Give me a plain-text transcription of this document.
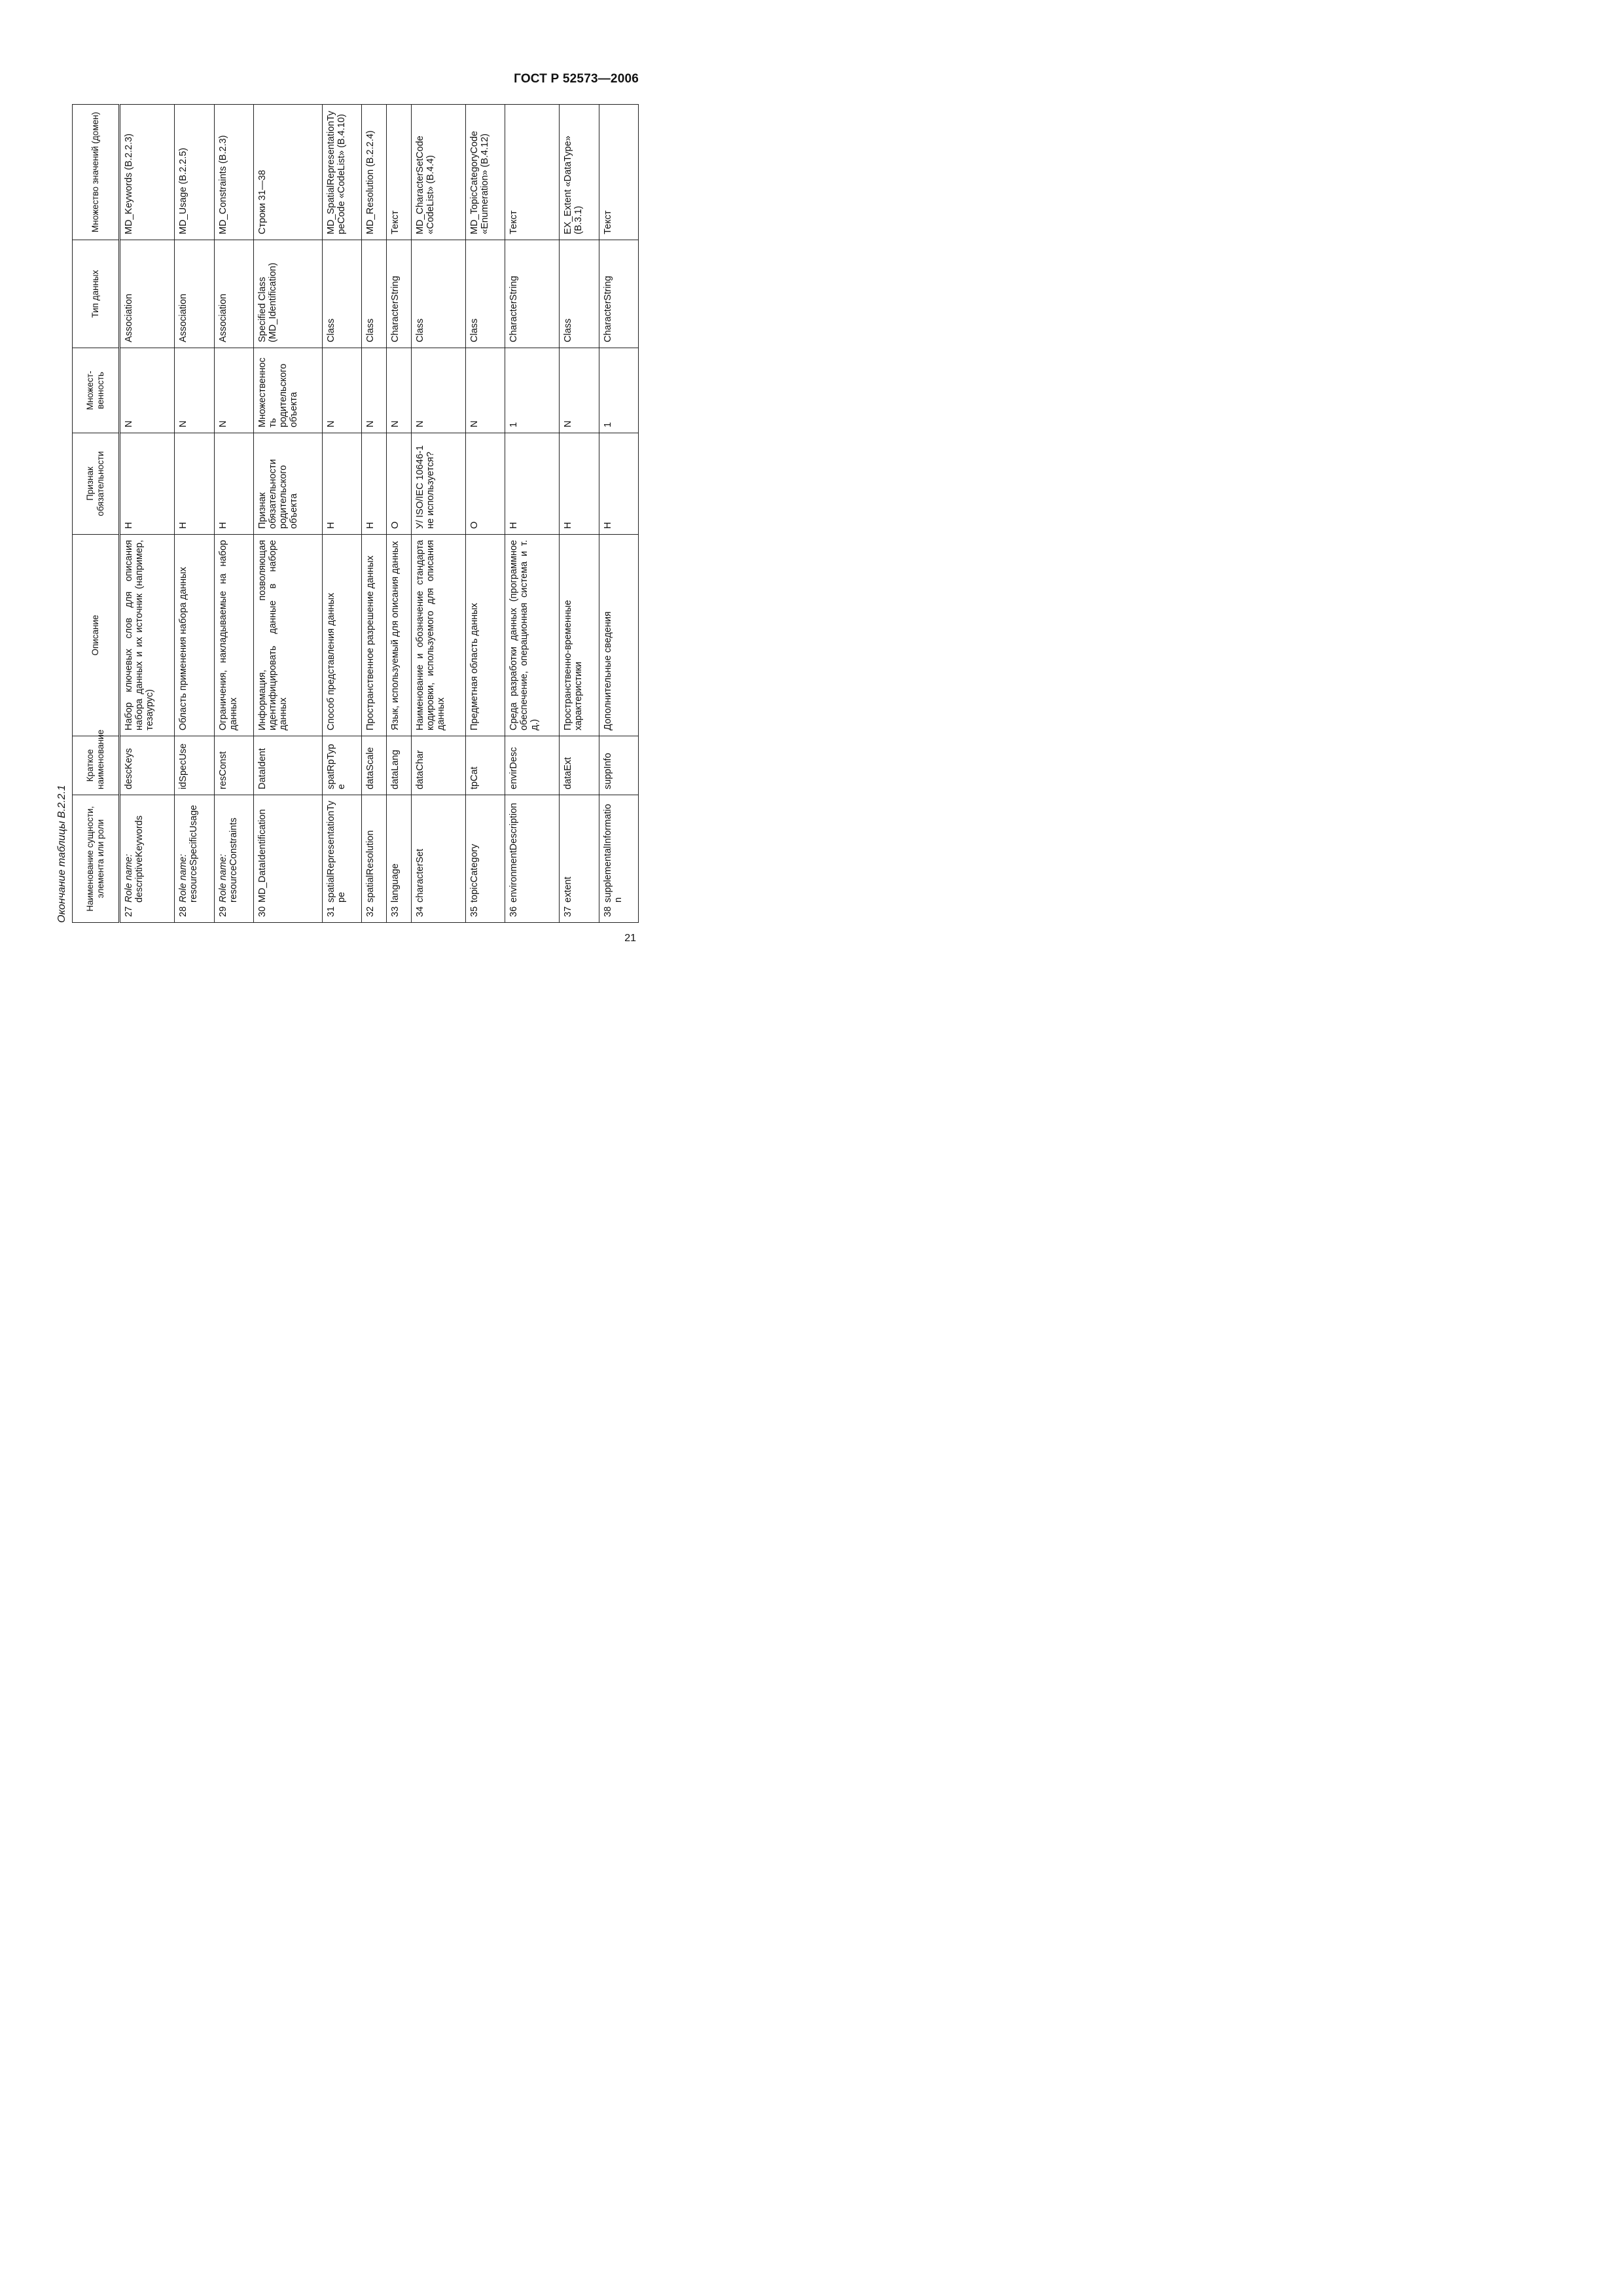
ГОСТ Р 52573—2006
Окончание таблицы B.2.2.1 Наименование сущности, элемента или роли	Краткое наименование	Описание	Признак обязательности	Множест-венность	Тип данных	Множество значений (домен)

27
Role name:
descriptiveKeywords	descKeys	Набор ключевых слов для описания набора данных и их источник (например, тезаурус)	Н	N	Association	MD_Keywords (B.2.2.3)

28
Role name:
resourceSpecificUsage	idSpecUse	Область применения набора данных	Н	N	Association	MD_Usage (B.2.2.5)

29
Role name:
resourceConstraints	resConst	Ограничения, накладываемые на набор данных	Н	N	Association	MD_Constraints (B.2.3)

30
MD_DataIdentification	DataIdent	Информация, позволяющая идентифицировать данные в наборе данных	Признак обязательности родительского объекта	Множественность родительского объекта	Specified Class (MD_Identification)	Строки 31—38

31
spatialRepresentationType	spatRpType	Способ представления данных	Н	N	Class	MD_SpatialRepresentationTypeCode «CodeList» (B.4.10)

32
spatialResolution	dataScale	Пространственное разрешение данных	Н	N	Class	MD_Resolution (B.2.2.4)

33
language	dataLang	Язык, используемый для описания данных	О	N	CharacterString	Текст

34
characterSet	dataChar	Наименование и обозначение стандарта кодировки, используемого для описания данных	У/ ISO/IEC 10646-1 не используется?	N	Class	MD_CharacterSetCode «CodeList» (B.4.4)

35
topicCategory	tpCat	Предметная область данных	О	N	Class	MD_TopicCategoryCode «Enumeration» (B.4.12)

36
environmentDescription	envirDesc	Среда разработки данных (программное обеспечение, операционная система и т. д.)	Н	1	CharacterString	Текст

37
extent	dataExt	Пространственно-временные характеристики	Н	N	Class	EX_Extent «DataType» (B.3.1)

38
supplementalInformation	suppInfo	Дополнительные сведения	Н	1	CharacterString	Текст
21
